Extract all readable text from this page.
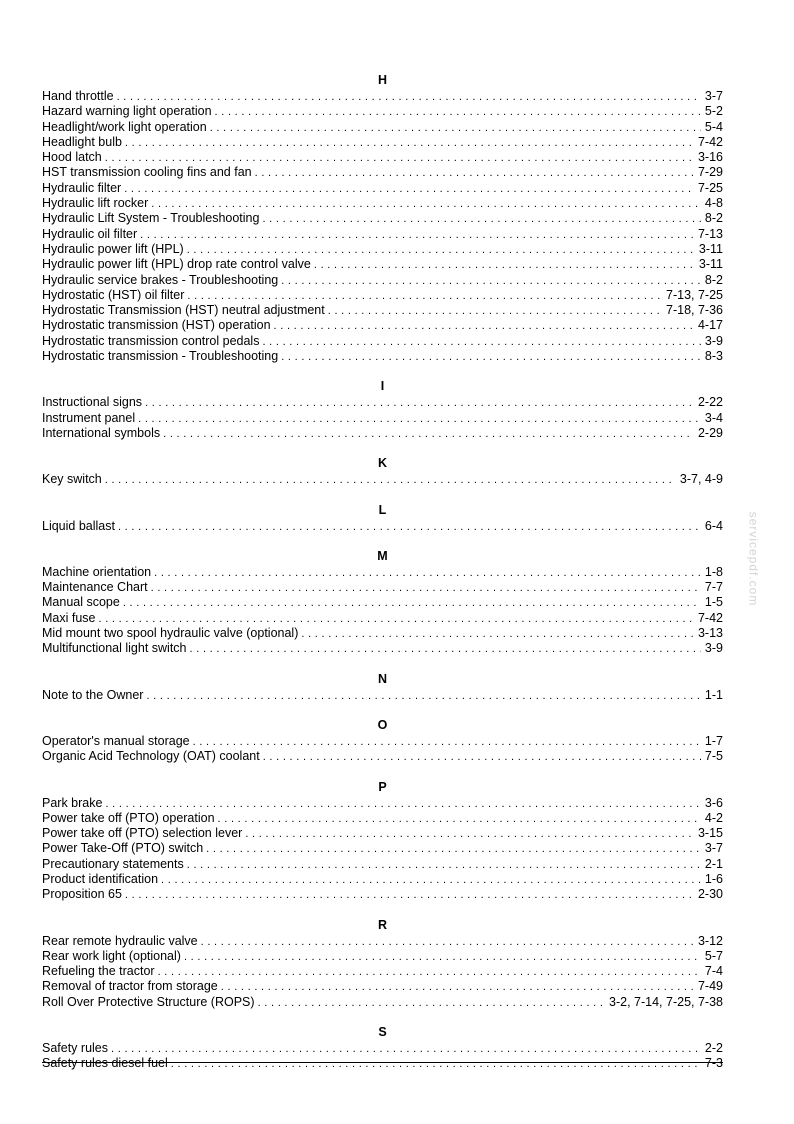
H
Hand throttle . . .	3-7
Hazard warning light operation . . .	5-2
Headlight/work light operation . . .	5-4
Headlight bulb . . .	7-42
Hood latch . . .	3-16
HST transmission cooling fins and fan . . .	7-29
Hydraulic filter . . .	7-25
Hydraulic lift rocker . . .	4-8
Hydraulic Lift System - Troubleshooting . . .	8-2
Hydraulic oil filter . . .	7-13
Hydraulic power lift (HPL) . . .	3-11
Hydraulic power lift (HPL) drop rate control valve . . .	3-11
Hydraulic service brakes - Troubleshooting . . .	8-2
Hydrostatic (HST) oil filter . . .	7-13, 7-25
Hydrostatic Transmission (HST) neutral adjustment . . .	7-18, 7-36
Hydrostatic transmission (HST) operation . . .	4-17
Hydrostatic transmission control pedals . . .	3-9
Hydrostatic transmission - Troubleshooting . . .	8-3
I
Instructional signs . . .	2-22
Instrument panel . . .	3-4
International symbols . . .	2-29
K
Key switch . . .	3-7, 4-9
L
Liquid ballast . . .	6-4
M
Machine orientation . . .	1-8
Maintenance Chart . . .	7-7
Manual scope . . .	1-5
Maxi fuse . . .	7-42
Mid mount two spool hydraulic valve (optional) . . .	3-13
Multifunctional light switch . . .	3-9
N
Note to the Owner . . .	1-1
O
Operator's manual storage . . .	1-7
Organic Acid Technology (OAT) coolant . . .	7-5
P
Park brake . . .	3-6
Power take off (PTO) operation . . .	4-2
Power take off (PTO) selection lever . . .	3-15
Power Take-Off (PTO) switch . . .	3-7
Precautionary statements . . .	2-1
Product identification . . .	1-6
Proposition 65 . . .	2-30
R
Rear remote hydraulic valve . . .	3-12
Rear work light (optional) . . .	5-7
Refueling the tractor . . .	7-4
Removal of tractor from storage . . .	7-49
Roll Over Protective Structure (ROPS) . . .	3-2, 7-14, 7-25, 7-38
S
Safety rules . . .	2-2
Safety rules diesel fuel . . .	7-3
servicepdf.com
